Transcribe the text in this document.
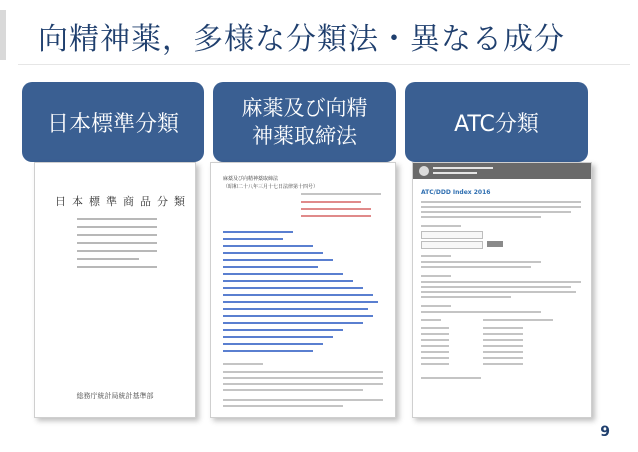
向精神薬，多様な分類法・異なる成分
日本標準分類
麻薬及び向精
神薬取締法	ATC分類
日本標準商品分類
総務庁統計局統計基準部
麻薬及び向精神薬取締法
（昭和二十八年三月十七日法律第十四号）
ATC/DDD Index 2016
9
